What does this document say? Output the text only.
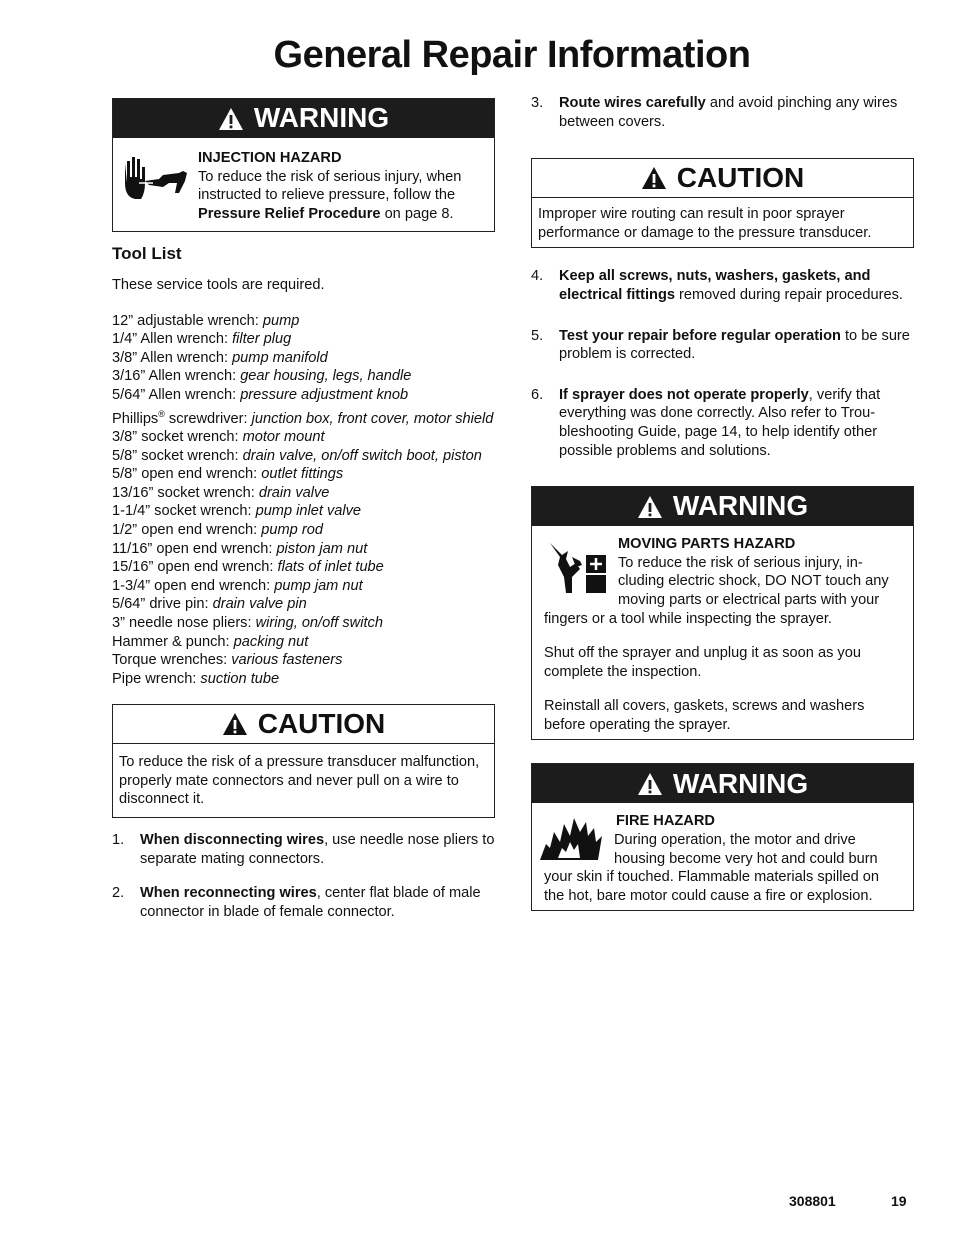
General Repair Information
WARNING
INJECTION HAZARD
To reduce the risk of serious injury, when instructed to relieve pressure, follow the Pressure Relief Procedure on page 8.
Tool List
These service tools are required.

12” adjustable wrench: pump

1/4” Allen wrench: filter plug

3/8” Allen wrench: pump manifold

3/16” Allen wrench: gear housing, legs, handle

5/64” Allen wrench: pressure adjustment knob

Phillips® screwdriver: junction box, front cover, motor shield

3/8” socket wrench: motor mount

5/8” socket wrench: drain valve, on/off switch boot, piston

5/8” open end wrench: outlet fittings

13/16” socket wrench: drain valve

1-1/4” socket wrench: pump inlet valve

1/2” open end wrench: pump rod

11/16” open end wrench: piston jam nut

15/16” open end wrench: flats of inlet tube

1-3/4” open end wrench: pump jam nut

5/64” drive pin: drain valve pin

3” needle nose pliers: wiring, on/off switch

Hammer & punch: packing nut

Torque wrenches: various fasteners

Pipe wrench: suction tube

CAUTION
To reduce the risk of a pressure transducer malfunction, properly mate connectors and never pull on a wire to disconnect it.
1. When disconnecting wires, use needle nose pliers to separate mating connectors.
2. When reconnecting wires, center flat blade of male connector in blade of female connector.
3. Route wires carefully and avoid pinching any wires between covers.
CAUTION
Improper wire routing can result in poor sprayer performance or damage to the pressure transducer.
4. Keep all screws, nuts, washers, gaskets, and electrical fittings removed during repair procedures.
5. Test your repair before regular operation to be sure problem is corrected.
6. If sprayer does not operate properly, verify that everything was done correctly. Also refer to Troubleshooting Guide, page 14, to help identify other possible problems and solutions.
WARNING
MOVING PARTS HAZARD
To reduce the risk of serious injury, including electric shock, DO NOT touch any moving parts or electrical parts with your fingers or a tool while inspecting the sprayer.
Shut off the sprayer and unplug it as soon as you complete the inspection.
Reinstall all covers, gaskets, screws and washers before operating the sprayer.
WARNING
FIRE HAZARD
During operation, the motor and drive housing become very hot and could burn your skin if touched. Flammable materials spilled on the hot, bare motor could cause a fire or explosion.
308801	19
